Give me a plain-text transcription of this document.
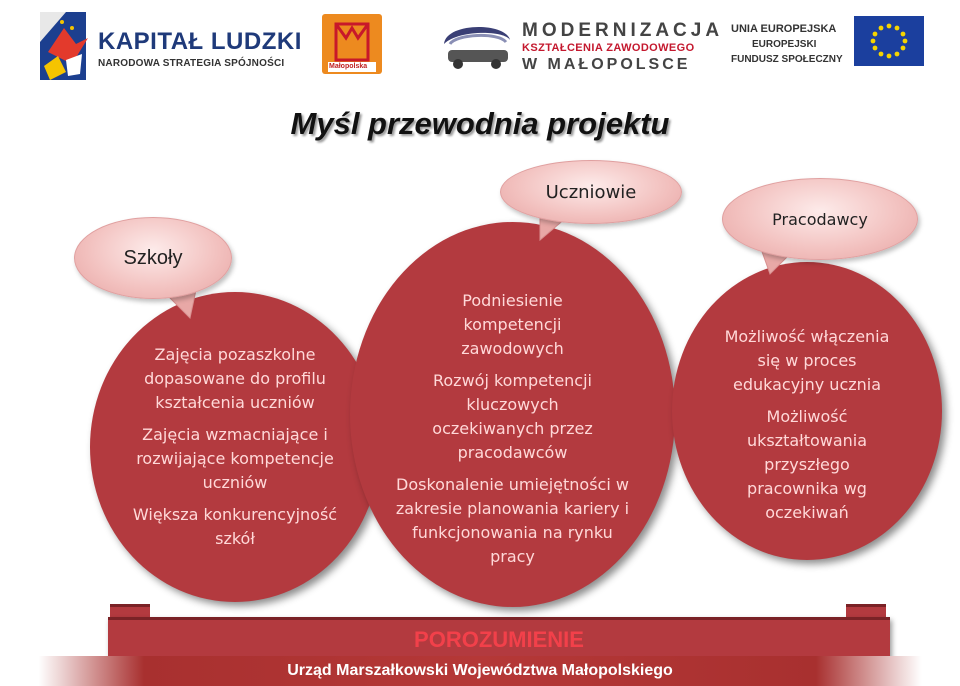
KAPITAŁ LUDZKI
NARODOWA STRATEGIA SPÓJNOŚCI	Małopolska
MODERNIZACJA
KSZTAŁCENIA ZAWODOWEGO
W MAŁOPOLSCE
UNIA EUROPEJSKA
EUROPEJSKI
FUNDUSZ SPOŁECZNY
Myśl przewodnia projektu

Zajęcia pozaszkolne dopasowane do profilu kształcenia uczniów

Zajęcia wzmacniające i rozwijające kompetencje uczniów

Większa konkurencyjność szkół

Podniesienie kompetencji zawodowych

Rozwój kompetencji kluczowych oczekiwanych przez pracodawców

Doskonalenie umiejętności w zakresie planowania kariery i funkcjonowania na rynku pracy

Możliwość włączenia się w proces edukacyjny ucznia

Możliwość ukształtowania przyszłego pracownika wg oczekiwań

Szkoły
Uczniowie
Pracodawcy
POROZUMIENIE
Urząd Marszałkowski Województwa Małopolskiego
